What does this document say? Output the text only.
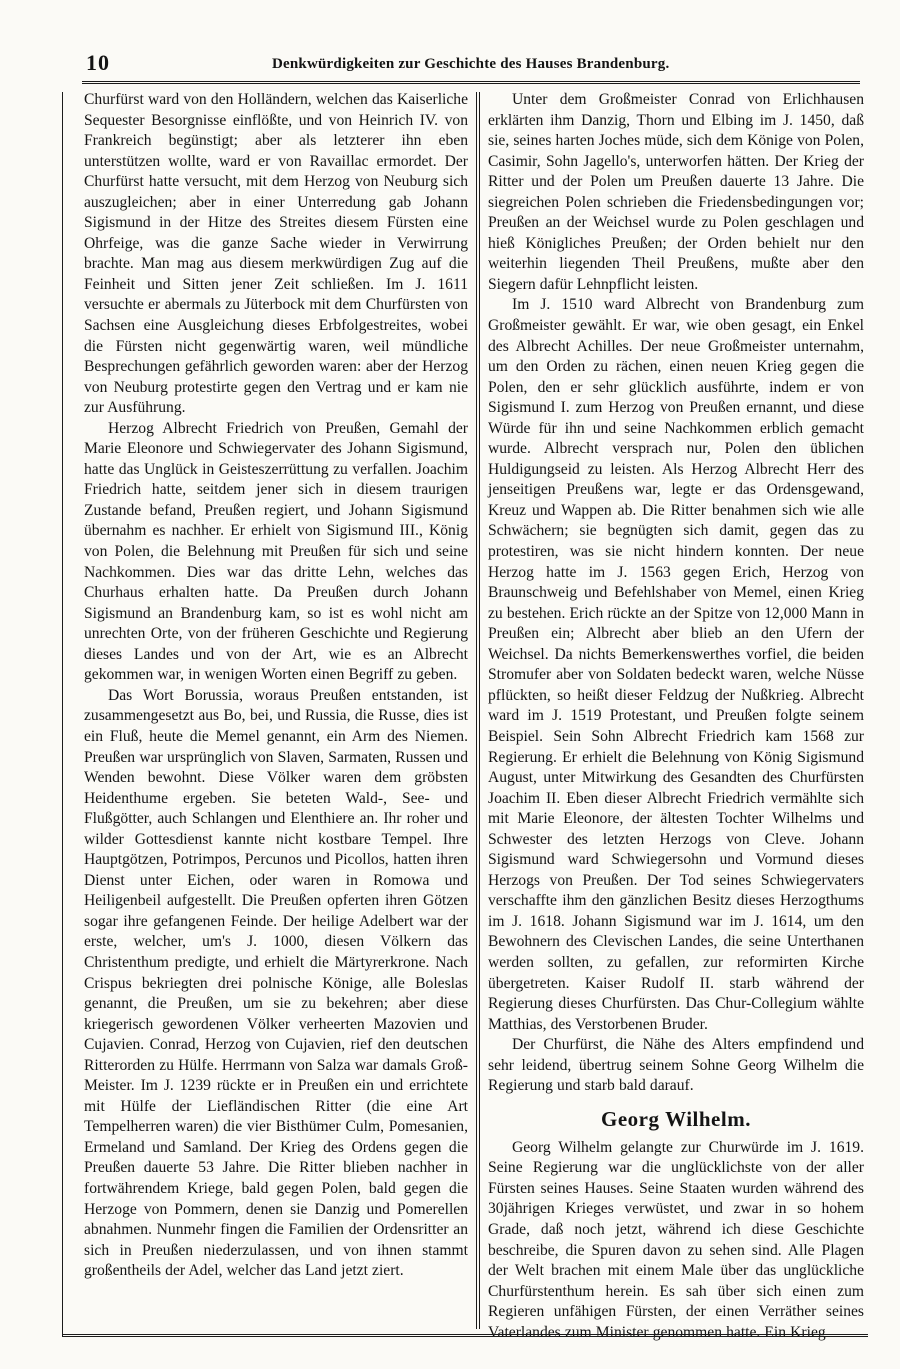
10	Denkwürdigkeiten zur Geschichte des Hauses Brandenburg.

Churfürst ward von den Holländern, welchen das Kaiserliche Sequester Besorgnisse einflößte, und von Heinrich IV. von Frankreich begünstigt; aber als letzterer ihn eben unterstützen wollte, ward er von Ravaillac ermordet. Der Churfürst hatte versucht, mit dem Herzog von Neuburg sich auszugleichen; aber in einer Unterredung gab Johann Sigismund in der Hitze des Streites diesem Fürsten eine Ohrfeige, was die ganze Sache wieder in Verwirrung brachte. Man mag aus diesem merkwürdigen Zug auf die Feinheit und Sitten jener Zeit schließen. Im J. 1611 versuchte er abermals zu Jüterbock mit dem Churfürsten von Sachsen eine Ausgleichung dieses Erbfolgestreites, wobei die Fürsten nicht gegenwärtig waren, weil mündliche Besprechungen gefährlich geworden waren: aber der Herzog von Neuburg protestirte gegen den Vertrag und er kam nie zur Ausführung.

Herzog Albrecht Friedrich von Preußen, Gemahl der Marie Eleonore und Schwiegervater des Johann Sigismund, hatte das Unglück in Geisteszerrüttung zu verfallen. Joachim Friedrich hatte, seitdem jener sich in diesem traurigen Zustande befand, Preußen regiert, und Johann Sigismund übernahm es nachher. Er erhielt von Sigismund III., König von Polen, die Belehnung mit Preußen für sich und seine Nachkommen. Dies war das dritte Lehn, welches das Churhaus erhalten hatte. Da Preußen durch Johann Sigismund an Brandenburg kam, so ist es wohl nicht am unrechten Orte, von der früheren Geschichte und Regierung dieses Landes und von der Art, wie es an Albrecht gekommen war, in wenigen Worten einen Begriff zu geben.

Das Wort Borussia, woraus Preußen entstanden, ist zusammengesetzt aus Bo, bei, und Russia, die Russe, dies ist ein Fluß, heute die Memel genannt, ein Arm des Niemen. Preußen war ursprünglich von Slaven, Sarmaten, Russen und Wenden bewohnt. Diese Völker waren dem gröbsten Heidenthume ergeben. Sie beteten Wald-, See- und Flußgötter, auch Schlangen und Elenthiere an. Ihr roher und wilder Gottesdienst kannte nicht kostbare Tempel. Ihre Hauptgötzen, Potrimpos, Percunos und Picollos, hatten ihren Dienst unter Eichen, oder waren in Romowa und Heiligenbeil aufgestellt. Die Preußen opferten ihren Götzen sogar ihre gefangenen Feinde. Der heilige Adelbert war der erste, welcher, um's J. 1000, diesen Völkern das Christenthum predigte, und erhielt die Märtyrerkrone. Nach Crispus bekriegten drei polnische Könige, alle Boleslas genannt, die Preußen, um sie zu bekehren; aber diese kriegerisch gewordenen Völker verheerten Mazovien und Cujavien. Conrad, Herzog von Cujavien, rief den deutschen Ritterorden zu Hülfe. Herrmann von Salza war damals Groß-Meister. Im J. 1239 rückte er in Preußen ein und errichtete mit Hülfe der Liefländischen Ritter (die eine Art Tempelherren waren) die vier Bisthümer Culm, Pomesanien, Ermeland und Samland. Der Krieg des Ordens gegen die Preußen dauerte 53 Jahre. Die Ritter blieben nachher in fortwährendem Kriege, bald gegen Polen, bald gegen die Herzoge von Pommern, denen sie Danzig und Pomerellen abnahmen. Nunmehr fingen die Familien der Ordensritter an sich in Preußen niederzulassen, und von ihnen stammt großentheils der Adel, welcher das Land jetzt ziert.

Unter dem Großmeister Conrad von Erlichhausen erklärten ihm Danzig, Thorn und Elbing im J. 1450, daß sie, seines harten Joches müde, sich dem Könige von Polen, Casimir, Sohn Jagello's, unterworfen hätten. Der Krieg der Ritter und der Polen um Preußen dauerte 13 Jahre. Die siegreichen Polen schrieben die Friedensbedingungen vor; Preußen an der Weichsel wurde zu Polen geschlagen und hieß Königliches Preußen; der Orden behielt nur den weiterhin liegenden Theil Preußens, mußte aber den Siegern dafür Lehnpflicht leisten.

Im J. 1510 ward Albrecht von Brandenburg zum Großmeister gewählt. Er war, wie oben gesagt, ein Enkel des Albrecht Achilles. Der neue Großmeister unternahm, um den Orden zu rächen, einen neuen Krieg gegen die Polen, den er sehr glücklich ausführte, indem er von Sigismund I. zum Herzog von Preußen ernannt, und diese Würde für ihn und seine Nachkommen erblich gemacht wurde. Albrecht versprach nur, Polen den üblichen Huldigungseid zu leisten. Als Herzog Albrecht Herr des jenseitigen Preußens war, legte er das Ordensgewand, Kreuz und Wappen ab. Die Ritter benahmen sich wie alle Schwächern; sie begnügten sich damit, gegen das zu protestiren, was sie nicht hindern konnten. Der neue Herzog hatte im J. 1563 gegen Erich, Herzog von Braunschweig und Befehlshaber von Memel, einen Krieg zu bestehen. Erich rückte an der Spitze von 12,000 Mann in Preußen ein; Albrecht aber blieb an den Ufern der Weichsel. Da nichts Bemerkenswerthes vorfiel, die beiden Stromufer aber von Soldaten bedeckt waren, welche Nüsse pflückten, so heißt dieser Feldzug der Nußkrieg. Albrecht ward im J. 1519 Protestant, und Preußen folgte seinem Beispiel. Sein Sohn Albrecht Friedrich kam 1568 zur Regierung. Er erhielt die Belehnung von König Sigismund August, unter Mitwirkung des Gesandten des Churfürsten Joachim II. Eben dieser Albrecht Friedrich vermählte sich mit Marie Eleonore, der ältesten Tochter Wilhelms und Schwester des letzten Herzogs von Cleve. Johann Sigismund ward Schwiegersohn und Vormund dieses Herzogs von Preußen. Der Tod seines Schwiegervaters verschaffte ihm den gänzlichen Besitz dieses Herzogthums im J. 1618. Johann Sigismund war im J. 1614, um den Bewohnern des Clevischen Landes, die seine Unterthanen werden sollten, zu gefallen, zur reformirten Kirche übergetreten. Kaiser Rudolf II. starb während der Regierung dieses Churfürsten. Das Chur-Collegium wählte Matthias, des Verstorbenen Bruder.

Der Churfürst, die Nähe des Alters empfindend und sehr leidend, übertrug seinem Sohne Georg Wilhelm die Regierung und starb bald darauf.

Georg Wilhelm.

Georg Wilhelm gelangte zur Churwürde im J. 1619. Seine Regierung war die unglücklichste von der aller Fürsten seines Hauses. Seine Staaten wurden während des 30jährigen Krieges verwüstet, und zwar in so hohem Grade, daß noch jetzt, während ich diese Geschichte beschreibe, die Spuren davon zu sehen sind. Alle Plagen der Welt brachen mit einem Male über das unglückliche Churfürstenthum herein. Es sah über sich einen zum Regieren unfähigen Fürsten, der einen Verräther seines Vaterlandes zum Minister genommen hatte. Ein Krieg
